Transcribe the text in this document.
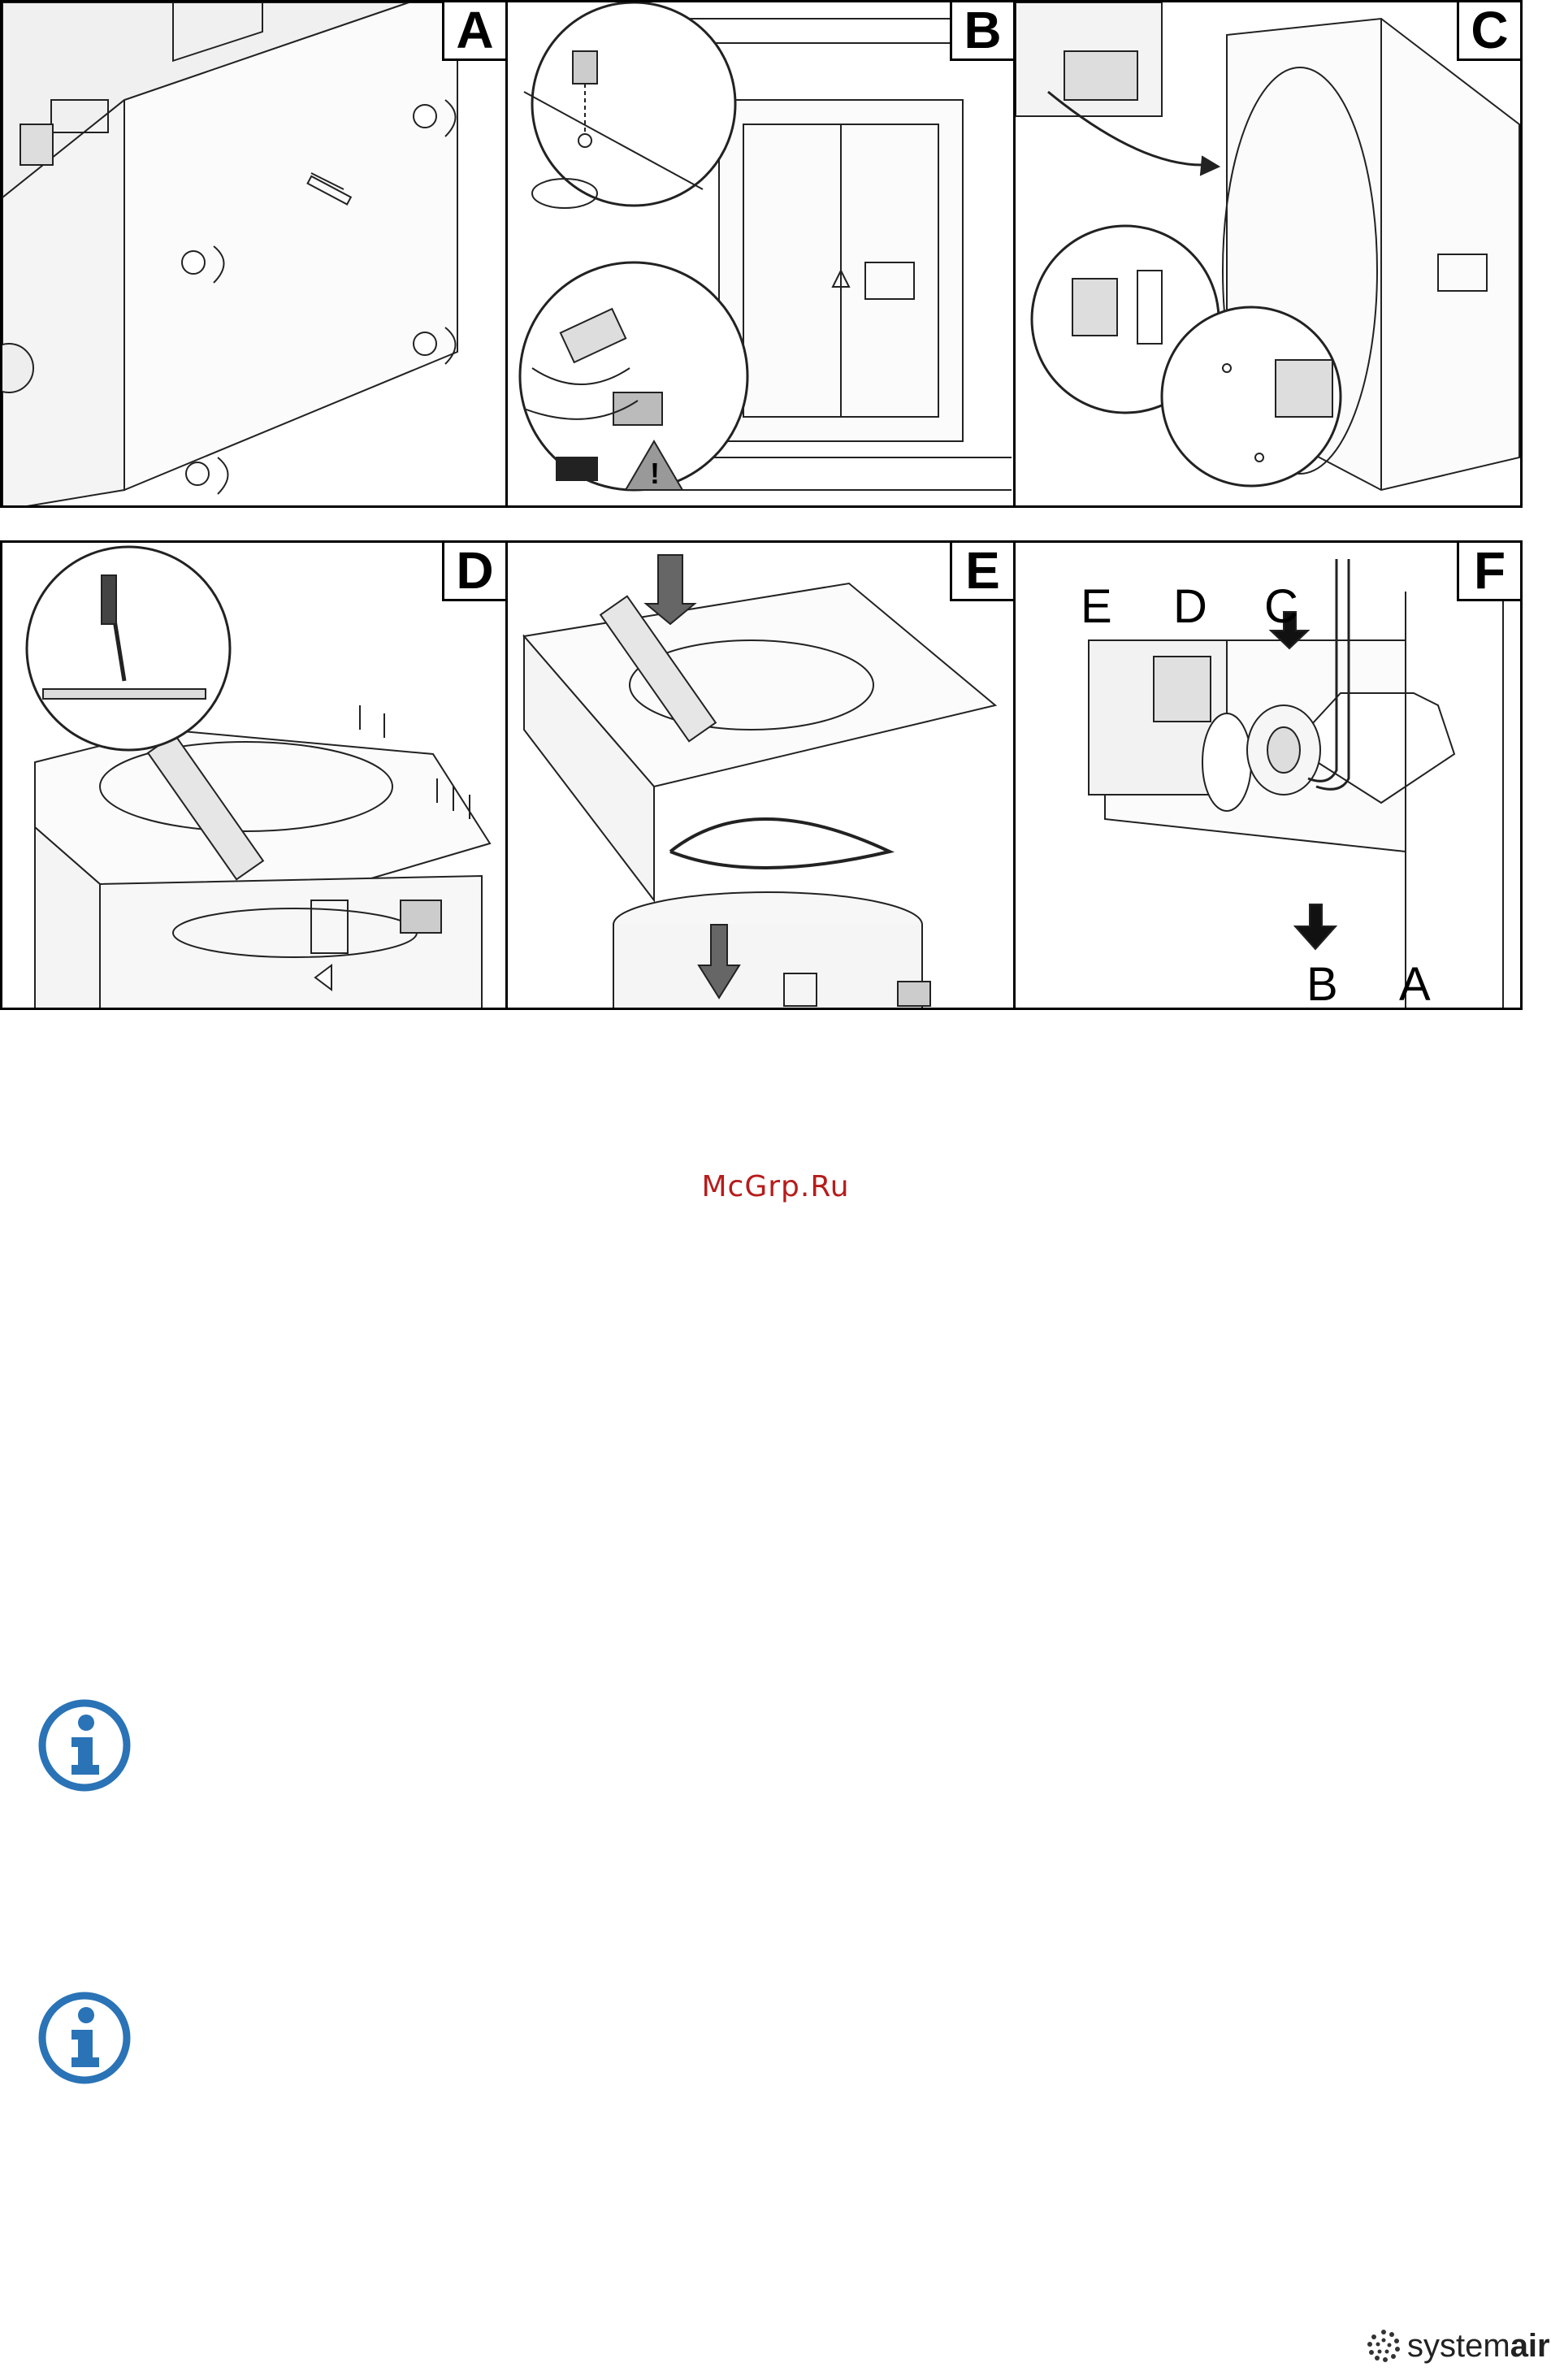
A
!
B	C
D	E
E D C
B A
F
McGrp.Ru
systemair
